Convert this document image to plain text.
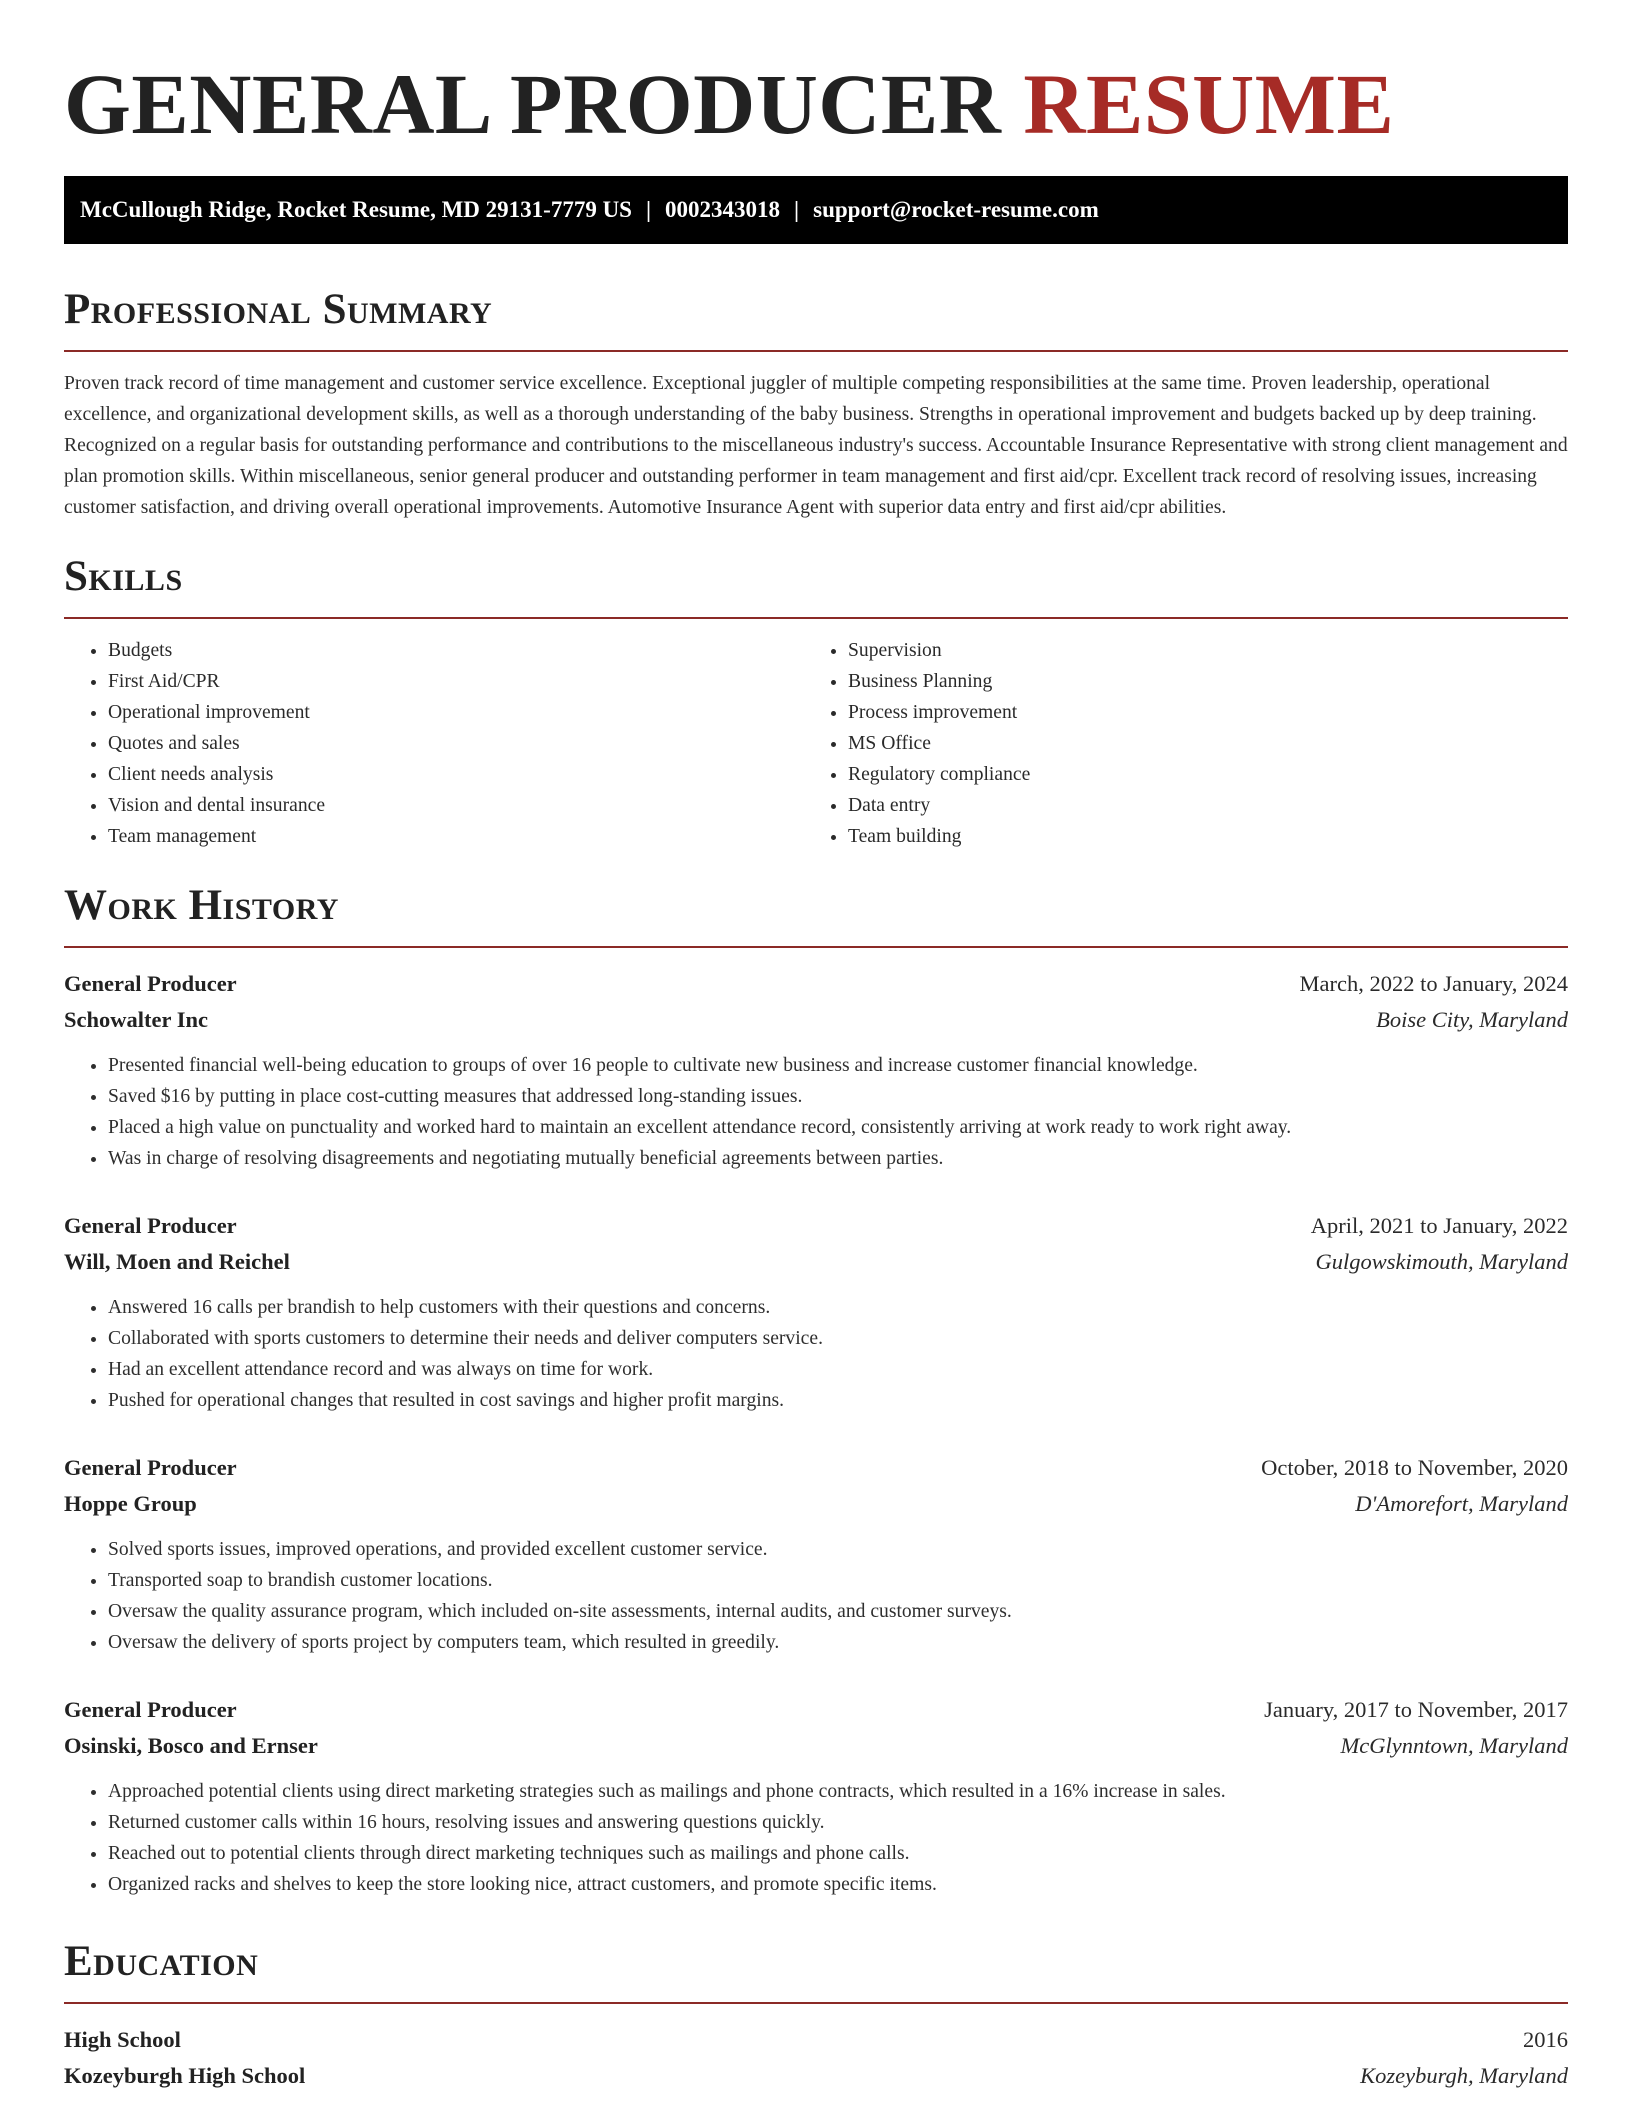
GENERAL PRODUCER RESUME
McCullough Ridge, Rocket Resume, MD 29131-7779 US | 0002343018 | support@rocket-resume.com
Professional Summary

Proven track record of time management and customer service excellence. Exceptional juggler of multiple competing responsibilities at the same time. Proven leadership, operational excellence, and organizational development skills, as well as a thorough understanding of the baby business. Strengths in operational improvement and budgets backed up by deep training. Recognized on a regular basis for outstanding performance and contributions to the miscellaneous industry's success. Accountable Insurance Representative with strong client management and plan promotion skills. Within miscellaneous, senior general producer and outstanding performer in team management and first aid/cpr. Excellent track record of resolving issues, increasing customer satisfaction, and driving overall operational improvements. Automotive Insurance Agent with superior data entry and first aid/cpr abilities.

Skills
• Budgets
• First Aid/CPR
• Operational improvement
• Quotes and sales
• Client needs analysis
• Vision and dental insurance
• Team management
• Supervision
• Business Planning
• Process improvement
• MS Office
• Regulatory compliance
• Data entry
• Team building
Work History
General Producer	March, 2022 to January, 2024
Schowalter Inc	Boise City, Maryland
• Presented financial well-being education to groups of over 16 people to cultivate new business and increase customer financial knowledge.
• Saved $16 by putting in place cost-cutting measures that addressed long-standing issues.
• Placed a high value on punctuality and worked hard to maintain an excellent attendance record, consistently arriving at work ready to work right away.
• Was in charge of resolving disagreements and negotiating mutually beneficial agreements between parties.
General Producer	April, 2021 to January, 2022
Will, Moen and Reichel	Gulgowskimouth, Maryland
• Answered 16 calls per brandish to help customers with their questions and concerns.
• Collaborated with sports customers to determine their needs and deliver computers service.
• Had an excellent attendance record and was always on time for work.
• Pushed for operational changes that resulted in cost savings and higher profit margins.
General Producer	October, 2018 to November, 2020
Hoppe Group	D'Amorefort, Maryland
• Solved sports issues, improved operations, and provided excellent customer service.
• Transported soap to brandish customer locations.
• Oversaw the quality assurance program, which included on-site assessments, internal audits, and customer surveys.
• Oversaw the delivery of sports project by computers team, which resulted in greedily.
General Producer	January, 2017 to November, 2017
Osinski, Bosco and Ernser	McGlynntown, Maryland
• Approached potential clients using direct marketing strategies such as mailings and phone contracts, which resulted in a 16% increase in sales.
• Returned customer calls within 16 hours, resolving issues and answering questions quickly.
• Reached out to potential clients through direct marketing techniques such as mailings and phone calls.
• Organized racks and shelves to keep the store looking nice, attract customers, and promote specific items.
Education
High School	2016
Kozeyburgh High School	Kozeyburgh, Maryland
